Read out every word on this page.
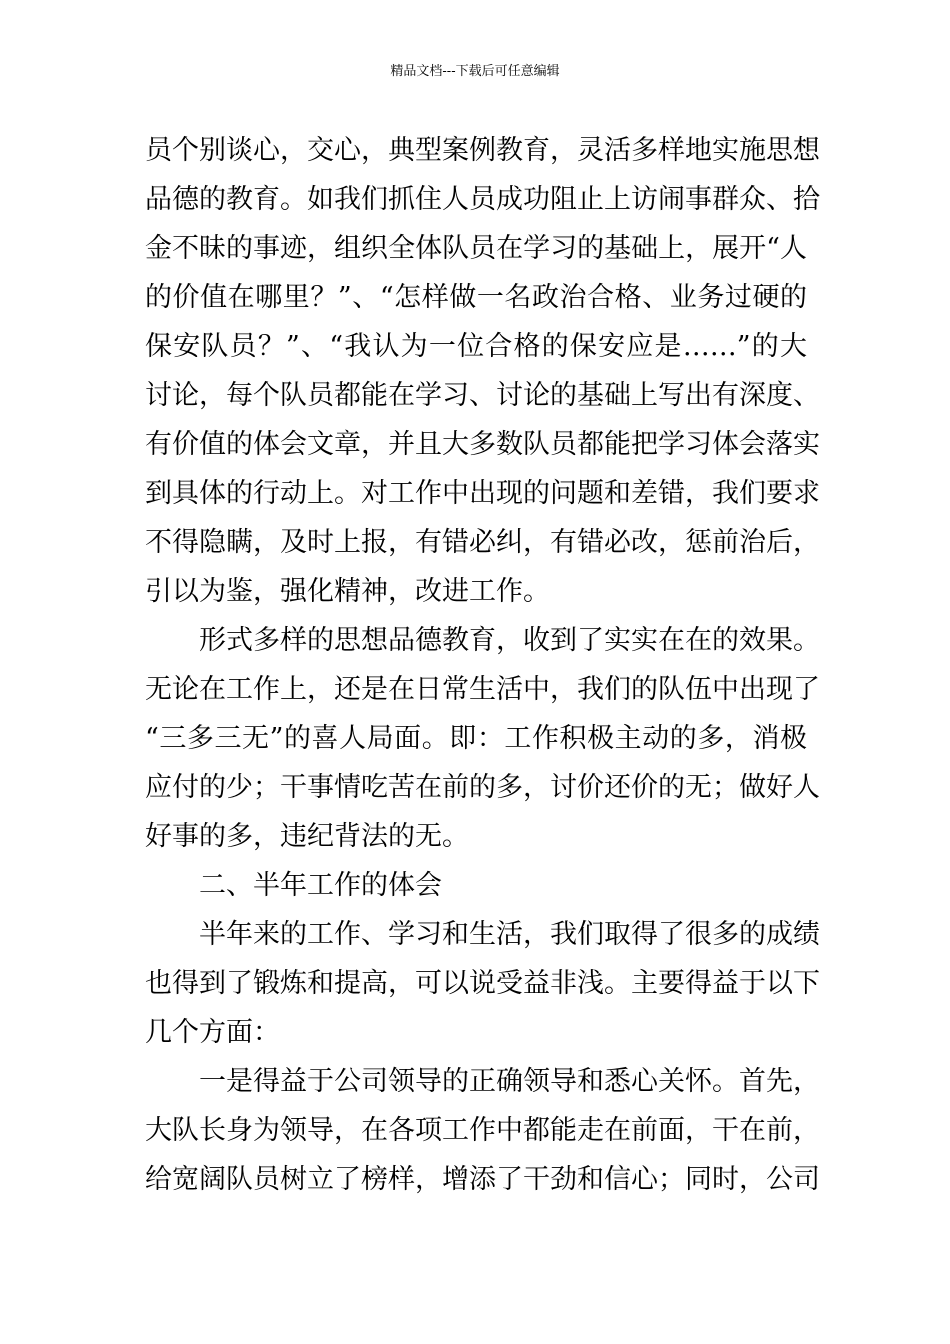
精品文档---下载后可任意编辑
员个别谈心，交心，典型案例教育，灵活多样地实施思想
品德的教育。如我们抓住人员成功阻止上访闹事群众、拾
金不昧的事迹，组织全体队员在学习的基础上，展开“人
的价值在哪里？”、“怎样做一名政治合格、业务过硬的
保安队员？”、“我认为一位合格的保安应是……”的大
讨论，每个队员都能在学习、讨论的基础上写出有深度、
有价值的体会文章，并且大多数队员都能把学习体会落实
到具体的行动上。对工作中出现的问题和差错，我们要求
不得隐瞒，及时上报，有错必纠，有错必改，惩前治后，
引以为鉴，强化精神，改进工作。
形式多样的思想品德教育，收到了实实在在的效果。
无论在工作上，还是在日常生活中，我们的队伍中出现了
“三多三无”的喜人局面。即：工作积极主动的多，消极
应付的少；干事情吃苦在前的多，讨价还价的无；做好人
好事的多，违纪背法的无。
二、半年工作的体会
半年来的工作、学习和生活，我们取得了很多的成绩
也得到了锻炼和提高，可以说受益非浅。主要得益于以下
几个方面：
一是得益于公司领导的正确领导和悉心关怀。首先，
大队长身为领导，在各项工作中都能走在前面，干在前，
给宽阔队员树立了榜样，增添了干劲和信心；同时，公司
